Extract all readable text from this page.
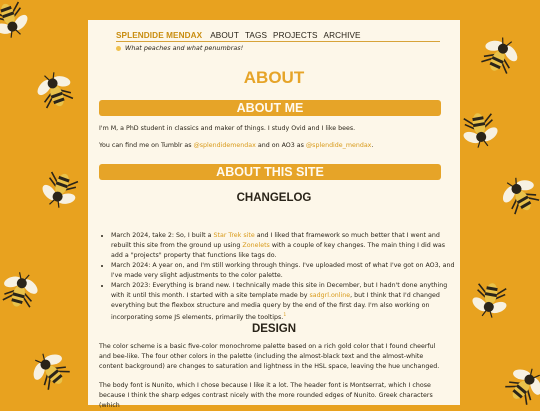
SPLENDIDE MENDAX ABOUT TAGS PROJECTS ARCHIVE
What peaches and what penumbras!
ABOUT
ABOUT ME
I'm M, a PhD student in classics and maker of things. I study Ovid and I like bees.
You can find me on Tumblr as @splendidemendax and on AO3 as @splendide_mendax.
ABOUT THIS SITE
CHANGELOG
• March 2024, take 2: So, I built a Star Trek site and I liked that framework so much better that I went and rebuilt this site from the ground up using Zonelets with a couple of key changes. The main thing I did was add a "projects" property that functions like tags do.
• March 2024: A year on, and I'm still working through things. I've uploaded most of what I've got on AO3, and I've made very slight adjustments to the color palette.
• March 2023: Everything is brand new. I technically made this site in December, but I hadn't done anything with it until this month. I started with a site template made by sadgrl.online, but I think that I'd changed everything but the flexbox structure and media query by the end of the first day. I'm also working on incorporating some JS elements, primarily the tooltips.$^1$
DESIGN
The color scheme is a basic five-color monochrome palette based on a rich gold color that I found cheerful and bee-like. The four other colors in the palette (including the almost-black text and the almost-white content background) are changes to saturation and lightness in the HSL space, leaving the hue unchanged.
The body font is Nunito, which I chose because I like it a lot. The header font is Montserrat, which I chose because I think the sharp edges contrast nicely with the more rounded edges of Nunito. Greek characters (which
